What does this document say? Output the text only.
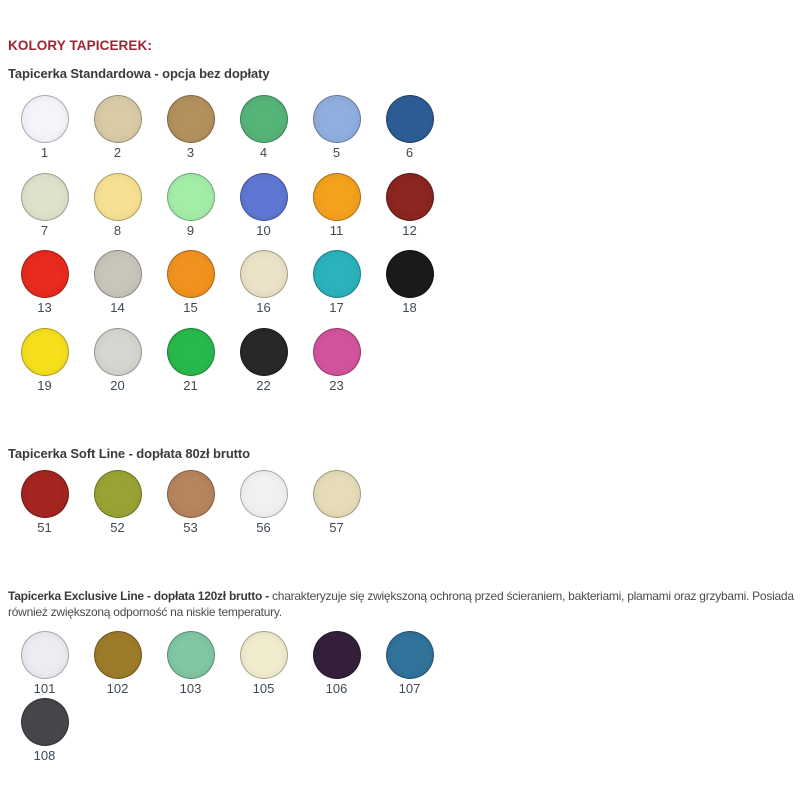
KOLORY TAPICEREK:
Tapicerka Standardowa - opcja bez dopłaty
1	2	3	4	5	6
7	8	9	10	11	12
13	14	15	16	17	18
19	20	21	22	23
Tapicerka Soft Line - dopłata 80zł brutto
51	52	53	56	57

Tapicerka Exclusive Line - dopłata 120zł brutto - charakteryzuje się zwiększoną ochroną przed ścieraniem, bakteriami, plamami oraz grzybami. Posiada również zwiększoną odporność na niskie temperatury.

101	102	103	105	106	107
108
